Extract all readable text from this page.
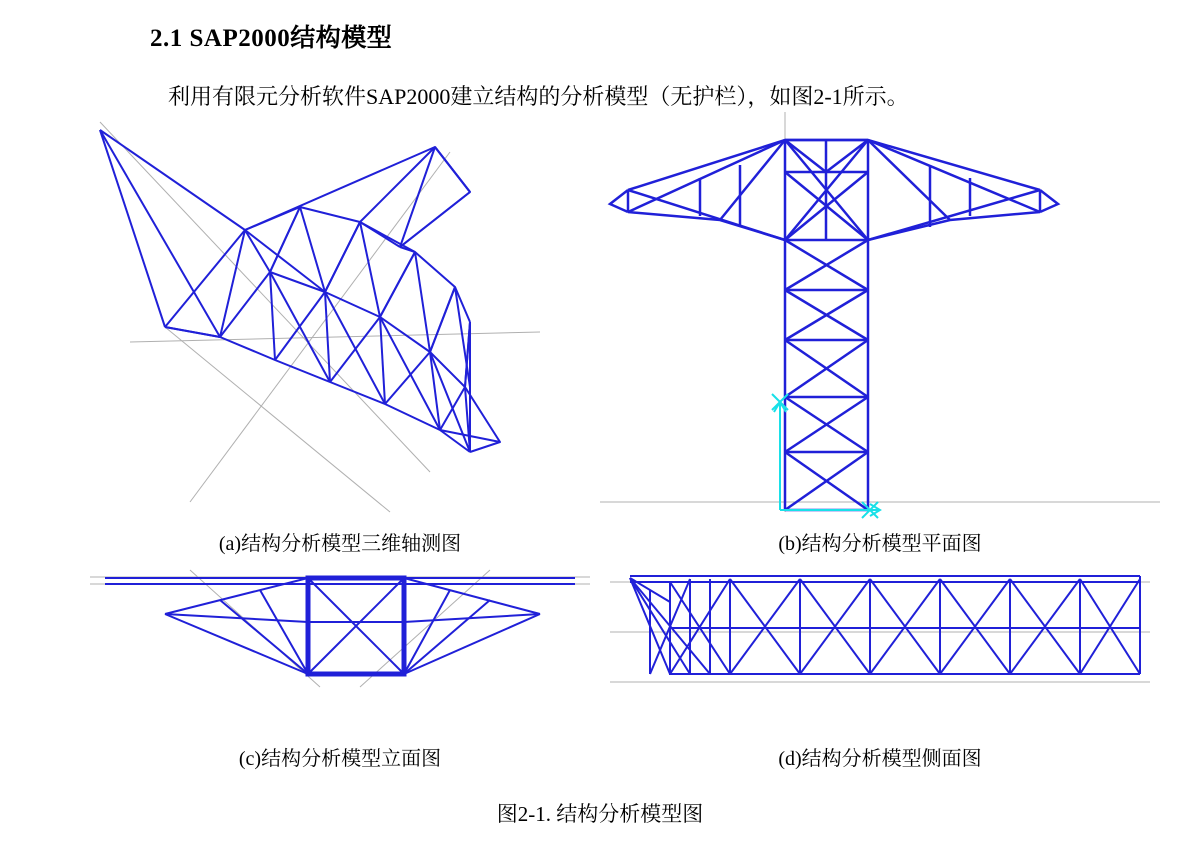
2.1 SAP2000结构模型
利用有限元分析软件SAP2000建立结构的分析模型（无护栏），如图2-1所示。
(a)结构分析模型三维轴测图	(b)结构分析模型平面图
(c)结构分析模型立面图	(d)结构分析模型侧面图
图2-1. 结构分析模型图
